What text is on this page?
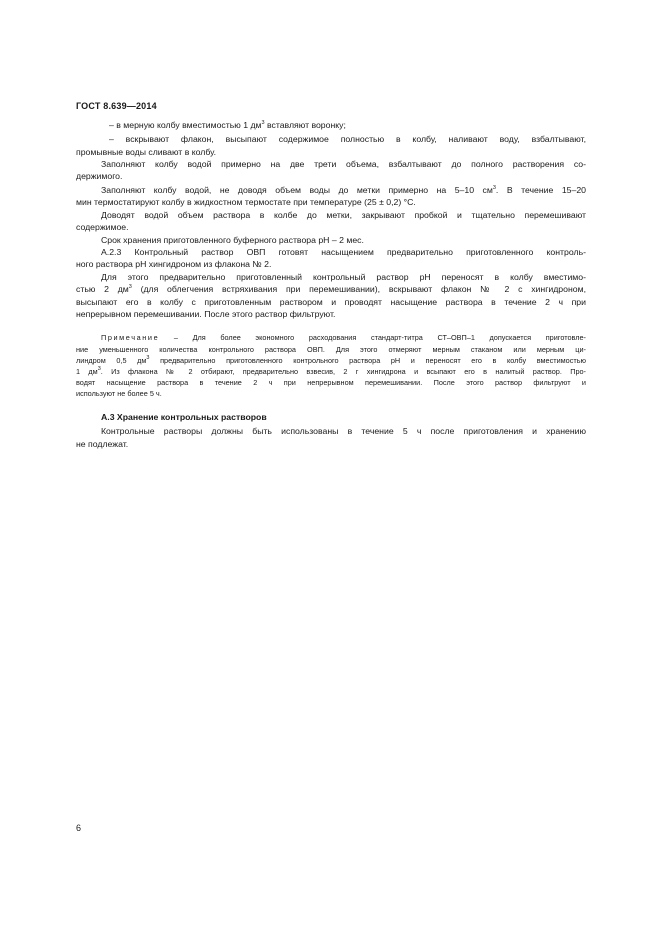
ГОСТ 8.639—2014
– в мерную колбу вместимостью 1 $дм^3$ вставляют воронку;
– вскрывают флакон, высыпают содержимое полностью в колбу, наливают воду, взбалтывают,
промывные воды сливают в колбу.
Заполняют колбу водой примерно на две трети объема, взбалтывают до полного растворения со-
держимого.
Заполняют колбу водой, не доводя объем воды до метки примерно на 5–10 $см^3$. В течение 15–20
мин термостатируют колбу в жидкостном термостате при температуре (25 ± 0,2) °С.
Доводят водой объем раствора в колбе до метки, закрывают пробкой и тщательно перемешивают
содержимое.
Срок хранения приготовленного буферного раствора рН – 2 мес.
А.2.3 Контрольный раствор ОВП готовят насыщением предварительно приготовленного контроль-
ного раствора рН хингидроном из флакона № 2.
Для этого предварительно приготовленный контрольный раствор рН переносят в колбу вместимо-
стью 2 $дм^3$ (для облегчения встряхивания при перемешивании), вскрывают флакон № 2 с хингидроном,
высыпают его в колбу с приготовленным раствором и проводят насыщение раствора в течение 2 ч при
непрерывном перемешивании. После этого раствор фильтруют.
Примечание – Для более экономного расходования стандарт-титра СТ–ОВП–1 допускается приготовле-
ние уменьшенного количества контрольного раствора ОВП. Для этого отмеряют мерным стаканом или мерным ци-
линдром 0,5 $дм^3$ предварительно приготовленного контрольного раствора рН и переносят его в колбу вместимостью
1 $дм^3$. Из флакона № 2 отбирают, предварительно взвесив, 2 г хингидрона и всыпают его в налитый раствор. Про-
водят насыщение раствора в течение 2 ч при непрерывном перемешивании. После этого раствор фильтруют и
используют не более 5 ч.
А.3 Хранение контрольных растворов
Контрольные растворы должны быть использованы в течение 5 ч после приготовления и хранению
не подлежат.
6
